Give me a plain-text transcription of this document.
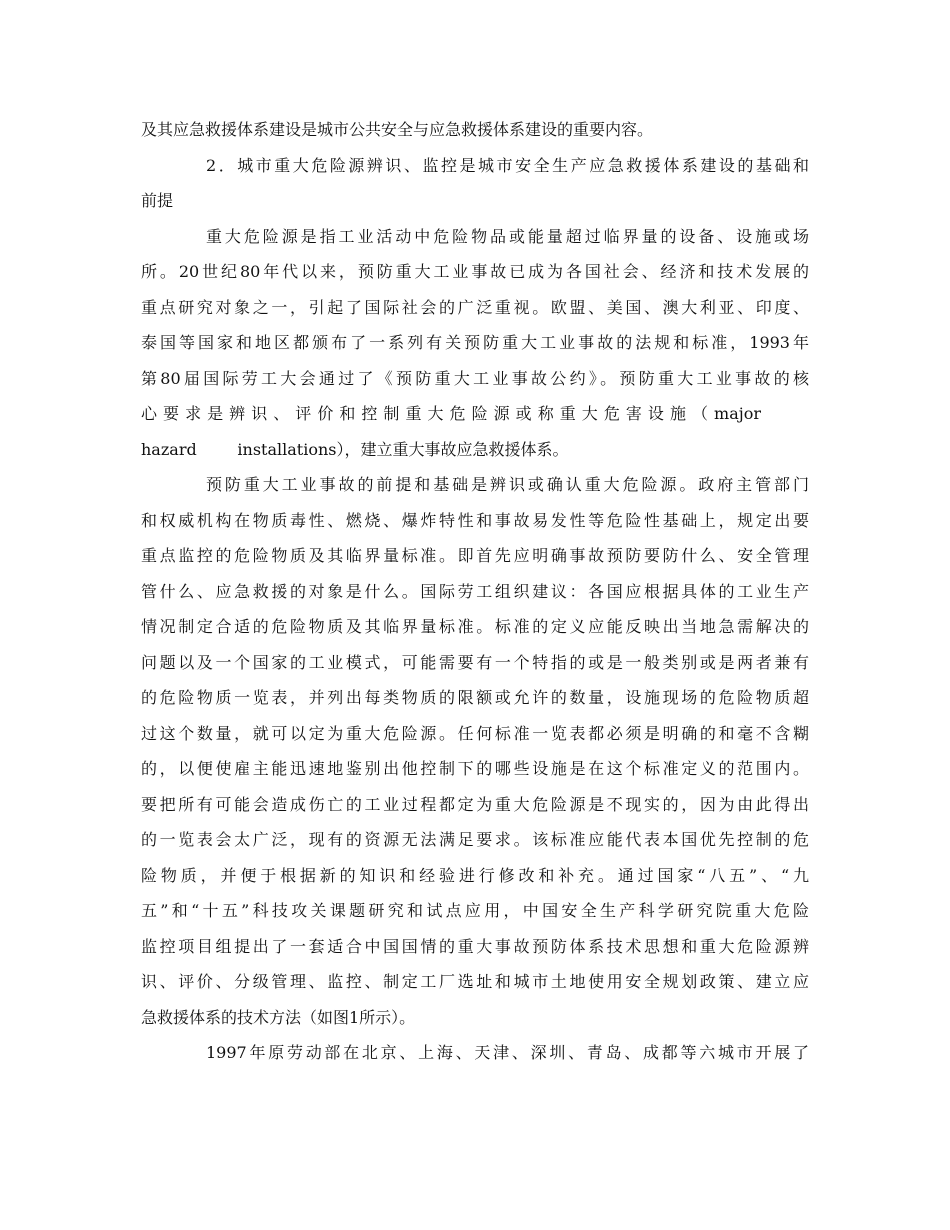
及其应急救援体系建设是城市公共安全与应急救援体系建设的重要内容。
2．城市重大危险源辨识、监控是城市安全生产应急救援体系建设的基础和
前提
重大危险源是指工业活动中危险物品或能量超过临界量的设备、设施或场
所。20世纪80年代以来，预防重大工业事故已成为各国社会、经济和技术发展的
重点研究对象之一，引起了国际社会的广泛重视。欧盟、美国、澳大利亚、印度、
泰国等国家和地区都颁布了一系列有关预防重大工业事故的法规和标准，1993年
第80届国际劳工大会通过了《预防重大工业事故公约》。预防重大工业事故的核
心要求是辨识、评价和控制重大危险源或称重大危害设施（major
hazard        installations），建立重大事故应急救援体系。
预防重大工业事故的前提和基础是辨识或确认重大危险源。政府主管部门
和权威机构在物质毒性、燃烧、爆炸特性和事故易发性等危险性基础上，规定出要
重点监控的危险物质及其临界量标准。即首先应明确事故预防要防什么、安全管理
管什么、应急救援的对象是什么。国际劳工组织建议：各国应根据具体的工业生产
情况制定合适的危险物质及其临界量标准。标准的定义应能反映出当地急需解决的
问题以及一个国家的工业模式，可能需要有一个特指的或是一般类别或是两者兼有
的危险物质一览表，并列出每类物质的限额或允许的数量，设施现场的危险物质超
过这个数量，就可以定为重大危险源。任何标准一览表都必须是明确的和毫不含糊
的，以便使雇主能迅速地鉴别出他控制下的哪些设施是在这个标准定义的范围内。
要把所有可能会造成伤亡的工业过程都定为重大危险源是不现实的，因为由此得出
的一览表会太广泛，现有的资源无法满足要求。该标准应能代表本国优先控制的危
险物质，并便于根据新的知识和经验进行修改和补充。通过国家“八五”、“九
五”和“十五”科技攻关课题研究和试点应用，中国安全生产科学研究院重大危险
监控项目组提出了一套适合中国国情的重大事故预防体系技术思想和重大危险源辨
识、评价、分级管理、监控、制定工厂选址和城市土地使用安全规划政策、建立应
急救援体系的技术方法（如图1所示）。
1997年原劳动部在北京、上海、天津、深圳、青岛、成都等六城市开展了
